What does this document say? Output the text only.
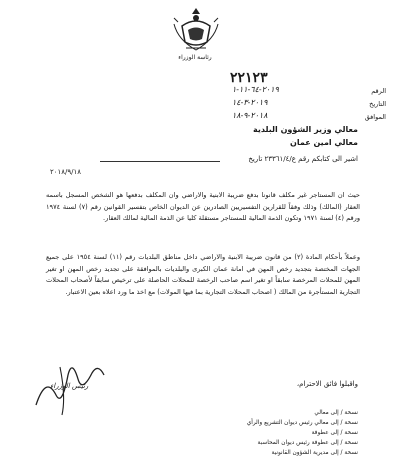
رئاسة الوزراء
٢٢١٢٣
الرقم
٢٠١٩-٦٤-١١-١
التاريخ
٢٠١٩-٣-١٤
الموافق
٢٠١٨-٩-١٨
معالي وزير الشؤون البلدية
معالي امين عمان
اشير الى كتابكم رقم ع/٢٣٣٦١/٤ تاريخ
٢٠١٨/٩/١٨

حيث ان المستاجر غير مكلف قانونا بدفع ضريبة الابنية والاراضي وان المكلف بدفعها هو الشخص المسجل باسمه العقار (المالك) وذلك وفقاً للقرارين التفسيريين الصادرين عن الديوان الخاص بتفسير القوانين رقم (٧) لسنة ١٩٧٤ ورقم (٤) لسنة ١٩٧١ وتكون الذمة المالية للمستاجر مستقلة كليا عن الذمة المالية لمالك العقار.

وعملاً بأحكام المادة (٢) من قانون ضريبة الابنية والاراضي داخل مناطق البلديات رقم (١١) لسنة ١٩٥٤ على جميع الجهات المختصة بتجديد رخص المهن في امانة عمان الكبرى والبلديات بالموافقة على تجديد رخص المهن او تغير المهن للمحلات المرخصة سابقاً او تغير اسم صاحب الرخصة للمحلات الحاصلة على ترخيص سابقاً لأصحاب المحلات التجارية المستأجرة من المالك ( اصحاب المحلات التجارية بما فيها المولات) مع اخذ ما ورد اعلاه بعين الاعتبار.

واقبلوا فائق الاحترام،
رئيس الوزراء
نسخة / إلى معالي
نسخة / إلى معالي رئيس ديوان التشريع والرأي
نسخة / إلى عطوفة
نسخة / إلى عطوفة رئيس ديوان المحاسبة
نسخة / إلى مديرية الشؤون القانونية
